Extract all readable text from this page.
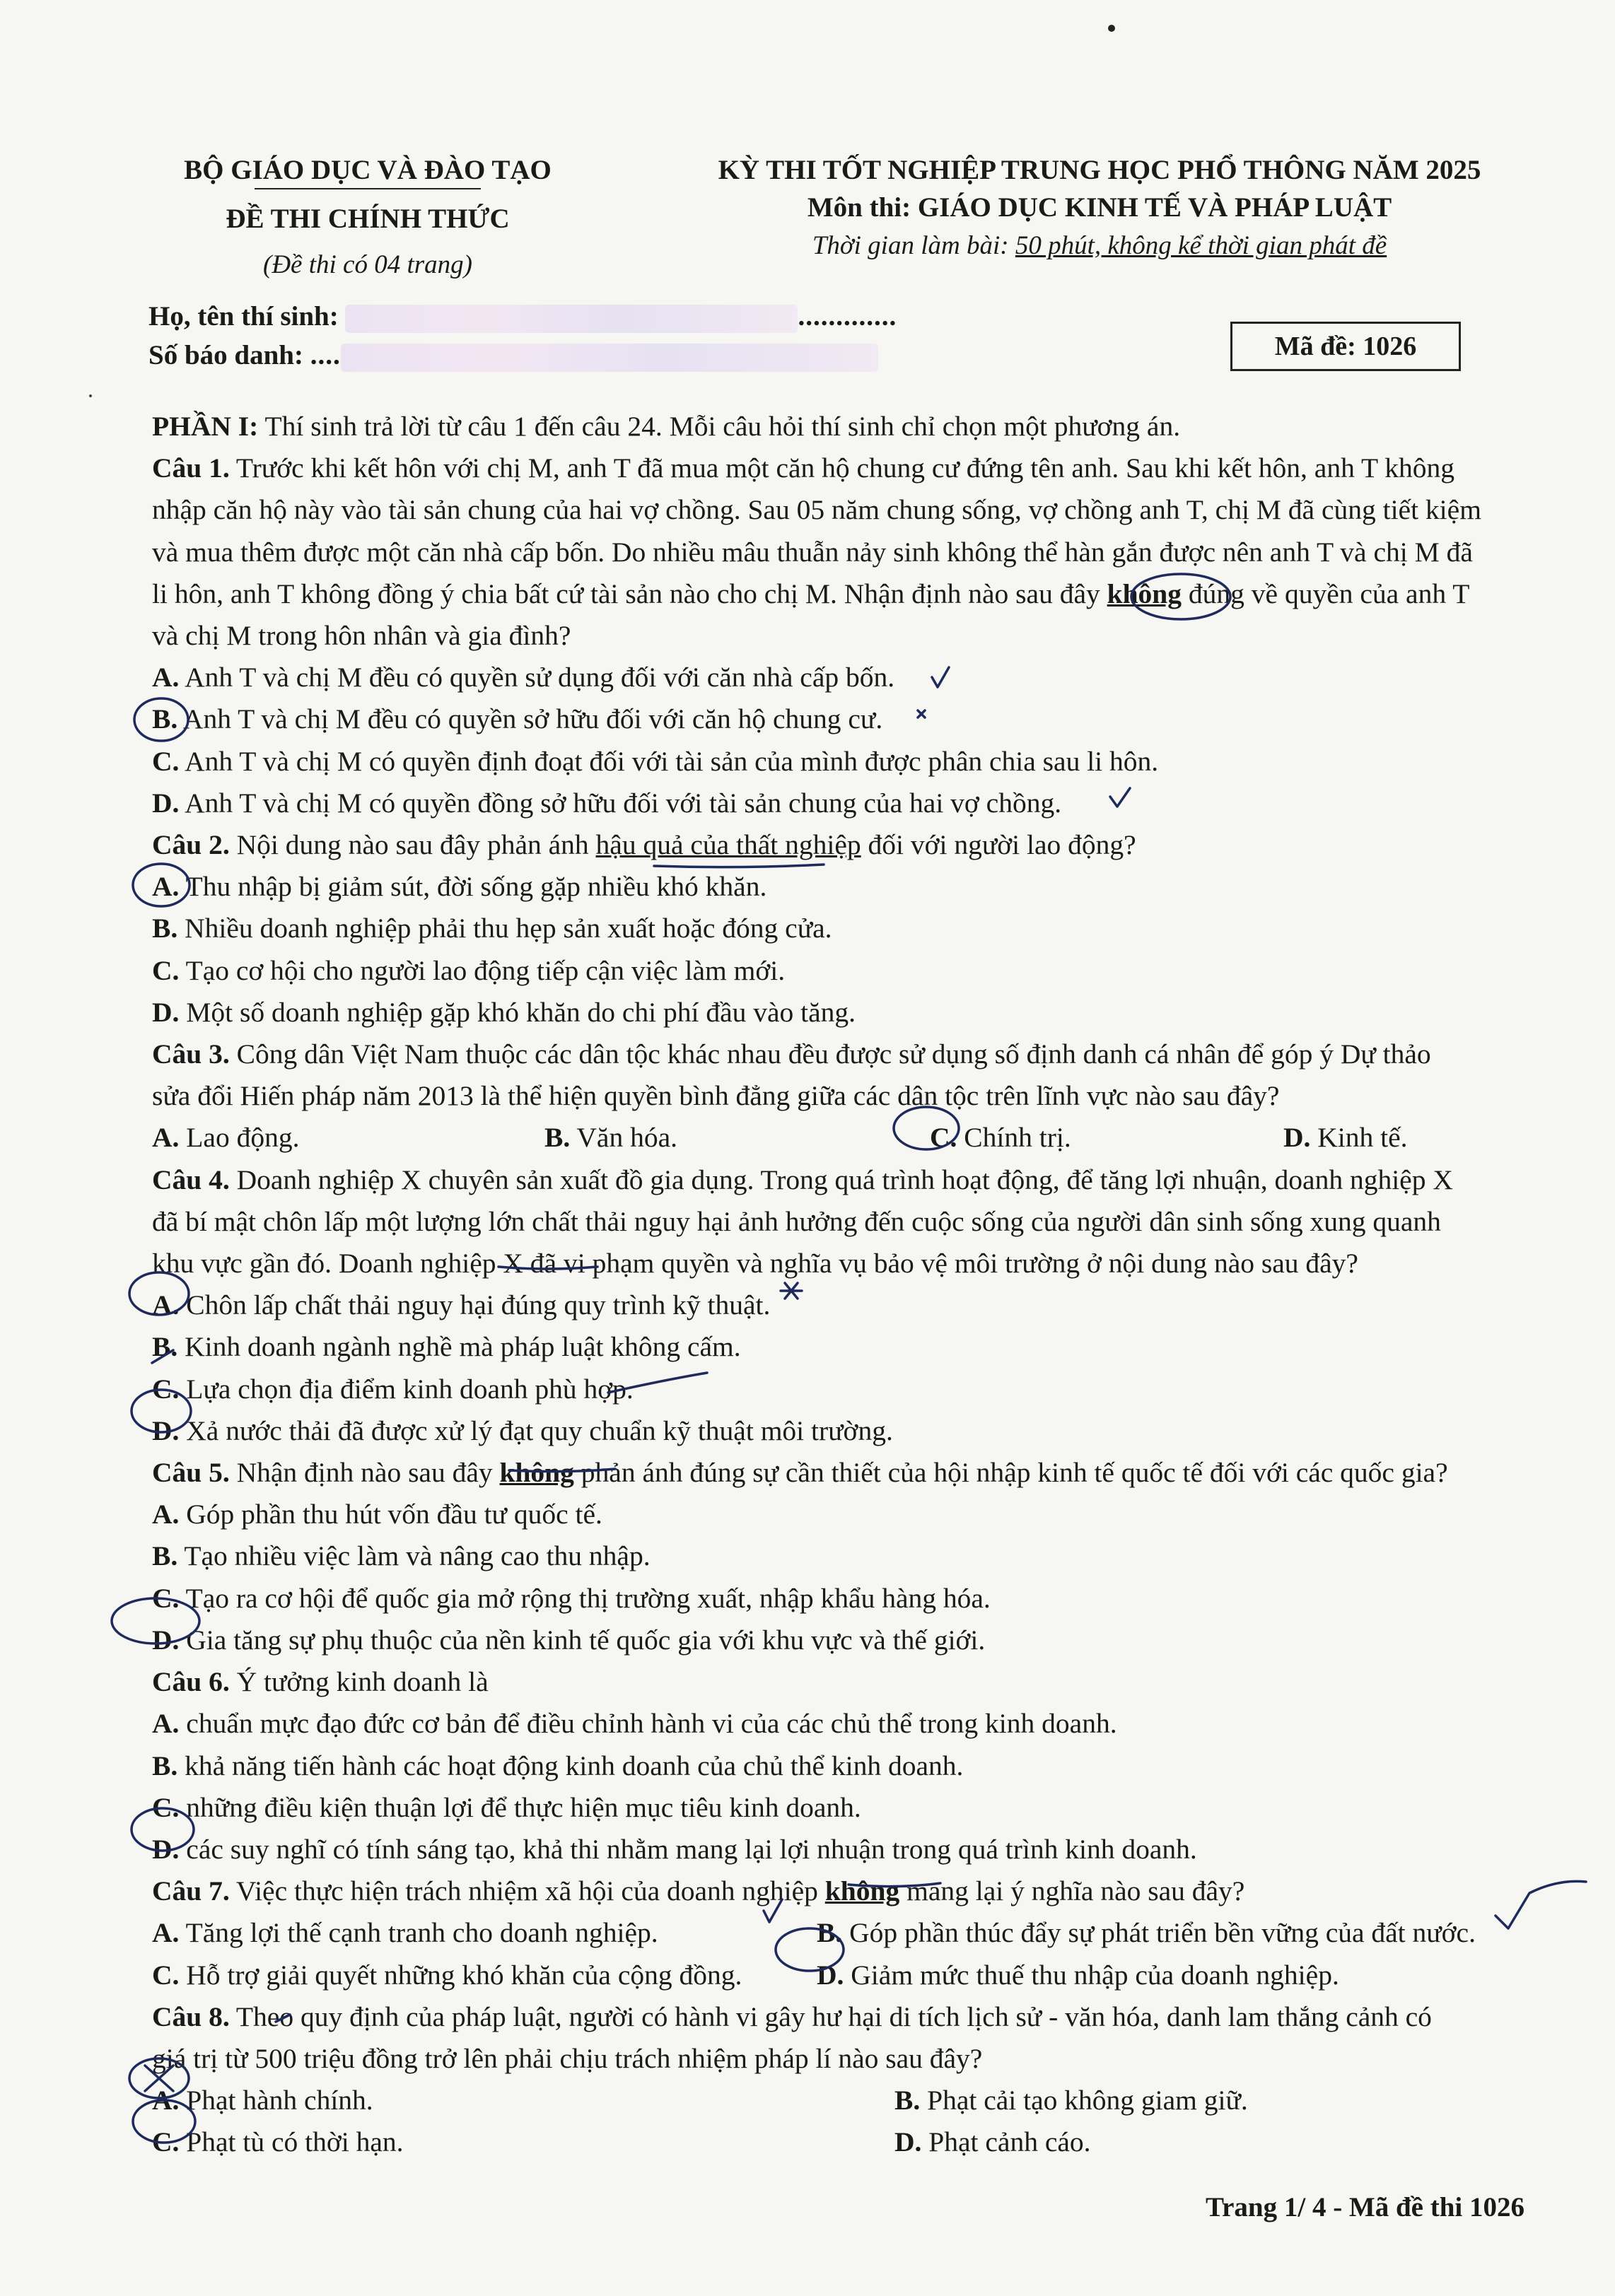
BỘ GIÁO DỤC VÀ ĐÀO TẠO
ĐỀ THI CHÍNH THỨC
(Đề thi có 04 trang)
KỲ THI TỐT NGHIỆP TRUNG HỌC PHỔ THÔNG NĂM 2025
Môn thi: GIÁO DỤC KINH TẾ VÀ PHÁP LUẬT
Thời gian làm bài: 50 phút, không kể thời gian phát đề
Họ, tên thí sinh:	.............
Số báo danh: ....	Mã đề: 1026

PHẦN I: Thí sinh trả lời từ câu 1 đến câu 24. Mỗi câu hỏi thí sinh chỉ chọn một phương án.

Câu 1. Trước khi kết hôn với chị M, anh T đã mua một căn hộ chung cư đứng tên anh. Sau khi kết hôn, anh T không

nhập căn hộ này vào tài sản chung của hai vợ chồng. Sau 05 năm chung sống, vợ chồng anh T, chị M đã cùng tiết kiệm

và mua thêm được một căn nhà cấp bốn. Do nhiều mâu thuẫn nảy sinh không thể hàn gắn được nên anh T và chị M đã

li hôn, anh T không đồng ý chia bất cứ tài sản nào cho chị M. Nhận định nào sau đây không đúng về quyền của anh T

và chị M trong hôn nhân và gia đình?

A. Anh T và chị M đều có quyền sử dụng đối với căn nhà cấp bốn.

B. Anh T và chị M đều có quyền sở hữu đối với căn hộ chung cư.

C. Anh T và chị M có quyền định đoạt đối với tài sản của mình được phân chia sau li hôn.

D. Anh T và chị M có quyền đồng sở hữu đối với tài sản chung của hai vợ chồng.

Câu 2. Nội dung nào sau đây phản ánh hậu quả của thất nghiệp đối với người lao động?

A. Thu nhập bị giảm sút, đời sống gặp nhiều khó khăn.

B. Nhiều doanh nghiệp phải thu hẹp sản xuất hoặc đóng cửa.

C. Tạo cơ hội cho người lao động tiếp cận việc làm mới.

D. Một số doanh nghiệp gặp khó khăn do chi phí đầu vào tăng.

Câu 3. Công dân Việt Nam thuộc các dân tộc khác nhau đều được sử dụng số định danh cá nhân để góp ý Dự thảo

sửa đổi Hiến pháp năm 2013 là thể hiện quyền bình đẳng giữa các dân tộc trên lĩnh vực nào sau đây?

A. Lao động.	B. Văn hóa.	C. Chính trị.	D. Kinh tế.

Câu 4. Doanh nghiệp X chuyên sản xuất đồ gia dụng. Trong quá trình hoạt động, để tăng lợi nhuận, doanh nghiệp X

đã bí mật chôn lấp một lượng lớn chất thải nguy hại ảnh hưởng đến cuộc sống của người dân sinh sống xung quanh

khu vực gần đó. Doanh nghiệp X đã vi phạm quyền và nghĩa vụ bảo vệ môi trường ở nội dung nào sau đây?

A. Chôn lấp chất thải nguy hại đúng quy trình kỹ thuật.

B. Kinh doanh ngành nghề mà pháp luật không cấm.

C. Lựa chọn địa điểm kinh doanh phù hợp.

D. Xả nước thải đã được xử lý đạt quy chuẩn kỹ thuật môi trường.

Câu 5. Nhận định nào sau đây không phản ánh đúng sự cần thiết của hội nhập kinh tế quốc tế đối với các quốc gia?

A. Góp phần thu hút vốn đầu tư quốc tế.

B. Tạo nhiều việc làm và nâng cao thu nhập.

C. Tạo ra cơ hội để quốc gia mở rộng thị trường xuất, nhập khẩu hàng hóa.

D. Gia tăng sự phụ thuộc của nền kinh tế quốc gia với khu vực và thế giới.

Câu 6. Ý tưởng kinh doanh là

A. chuẩn mực đạo đức cơ bản để điều chỉnh hành vi của các chủ thể trong kinh doanh.

B. khả năng tiến hành các hoạt động kinh doanh của chủ thể kinh doanh.

C. những điều kiện thuận lợi để thực hiện mục tiêu kinh doanh.

D. các suy nghĩ có tính sáng tạo, khả thi nhằm mang lại lợi nhuận trong quá trình kinh doanh.

Câu 7. Việc thực hiện trách nhiệm xã hội của doanh nghiệp không mang lại ý nghĩa nào sau đây?

A. Tăng lợi thế cạnh tranh cho doanh nghiệp.	B. Góp phần thúc đẩy sự phát triển bền vững của đất nước.

C. Hỗ trợ giải quyết những khó khăn của cộng đồng.	D. Giảm mức thuế thu nhập của doanh nghiệp.

Câu 8. Theo quy định của pháp luật, người có hành vi gây hư hại di tích lịch sử - văn hóa, danh lam thắng cảnh có

giá trị từ 500 triệu đồng trở lên phải chịu trách nhiệm pháp lí nào sau đây?

A. Phạt hành chính.	B. Phạt cải tạo không giam giữ.

C. Phạt tù có thời hạn.	D. Phạt cảnh cáo.

Trang 1/ 4 - Mã đề thi 1026
